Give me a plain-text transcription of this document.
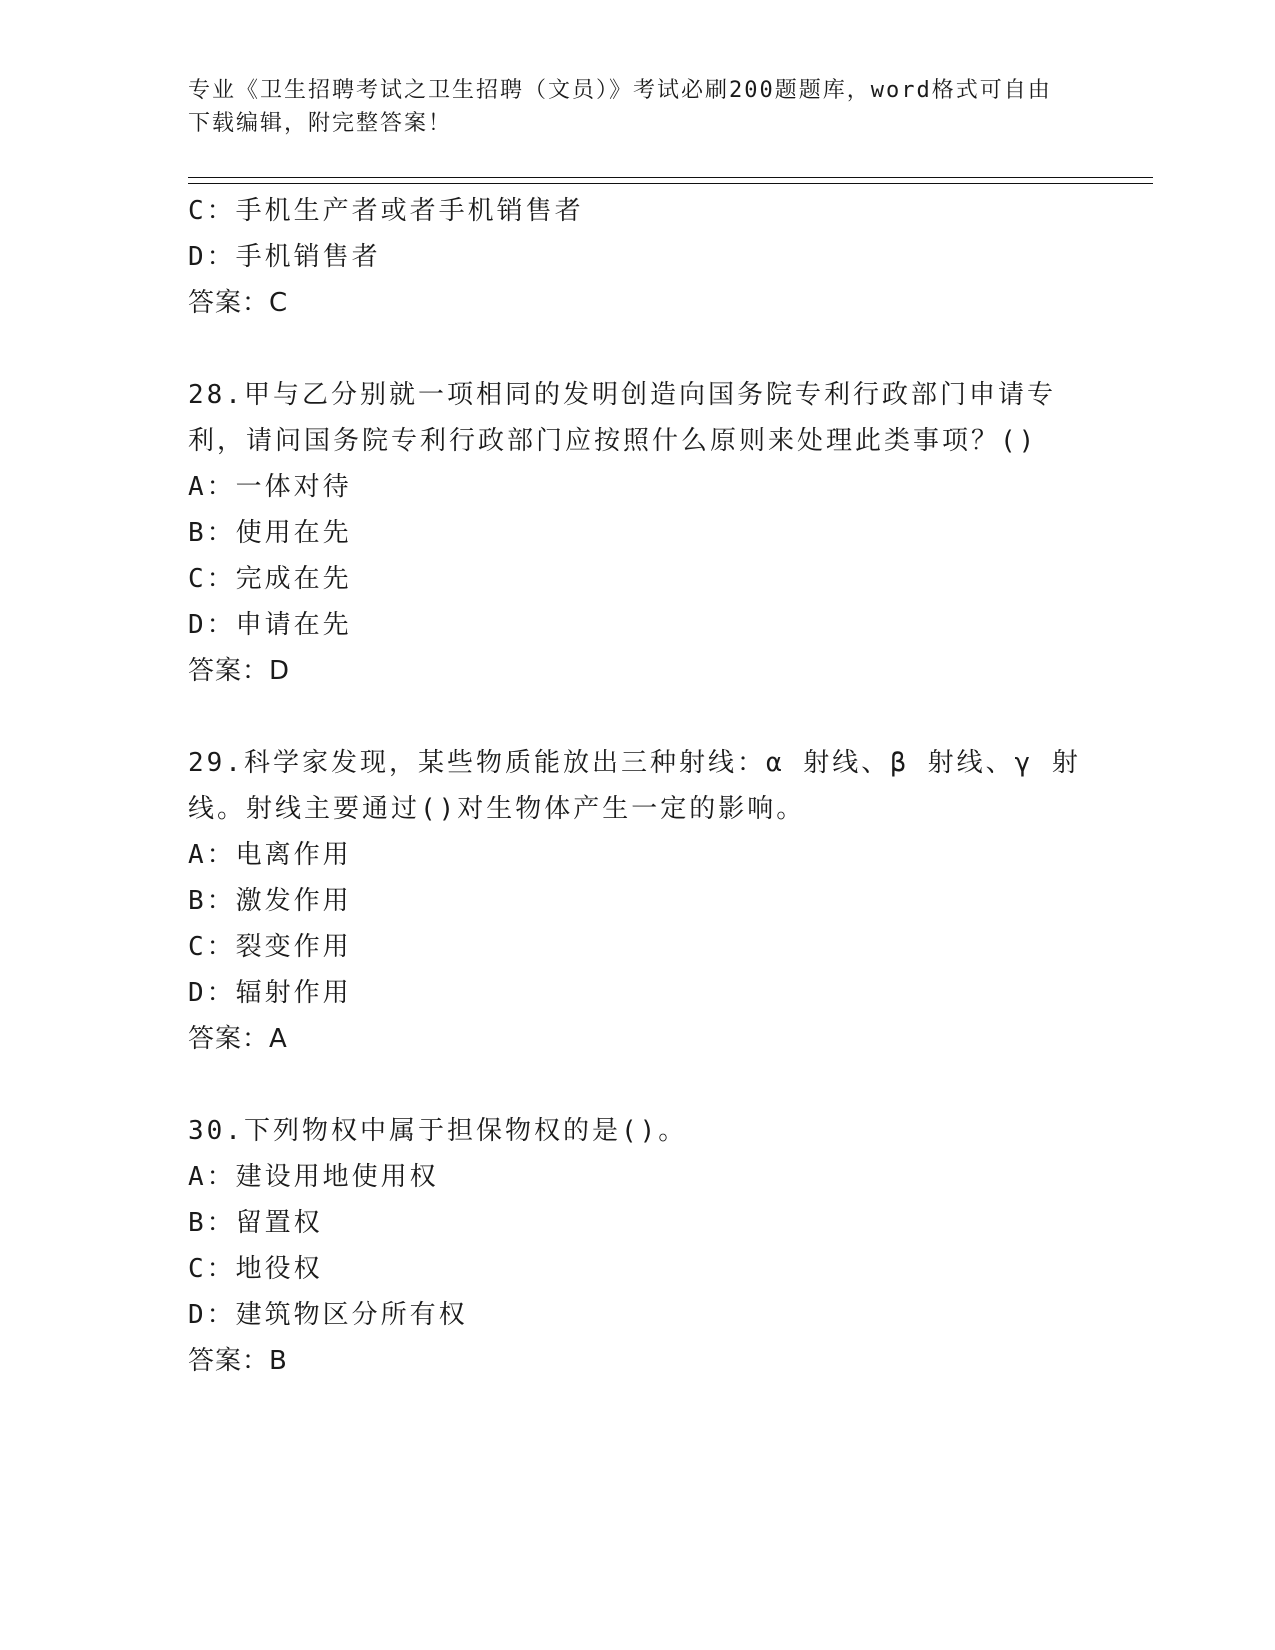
专业《卫生招聘考试之卫生招聘（文员）》考试必刷200题题库，word格式可自由下载编辑，附完整答案！
C：手机生产者或者手机销售者
D：手机销售者
答案：C
28.甲与乙分别就一项相同的发明创造向国务院专利行政部门申请专利，请问国务院专利行政部门应按照什么原则来处理此类事项？()
A：一体对待
B：使用在先
C：完成在先
D：申请在先
答案：D
29.科学家发现，某些物质能放出三种射线：α 射线、β 射线、γ 射线。射线主要通过()对生物体产生一定的影响。
A：电离作用
B：激发作用
C：裂变作用
D：辐射作用
答案：A
30.下列物权中属于担保物权的是()。
A：建设用地使用权
B：留置权
C：地役权
D：建筑物区分所有权
答案：B
